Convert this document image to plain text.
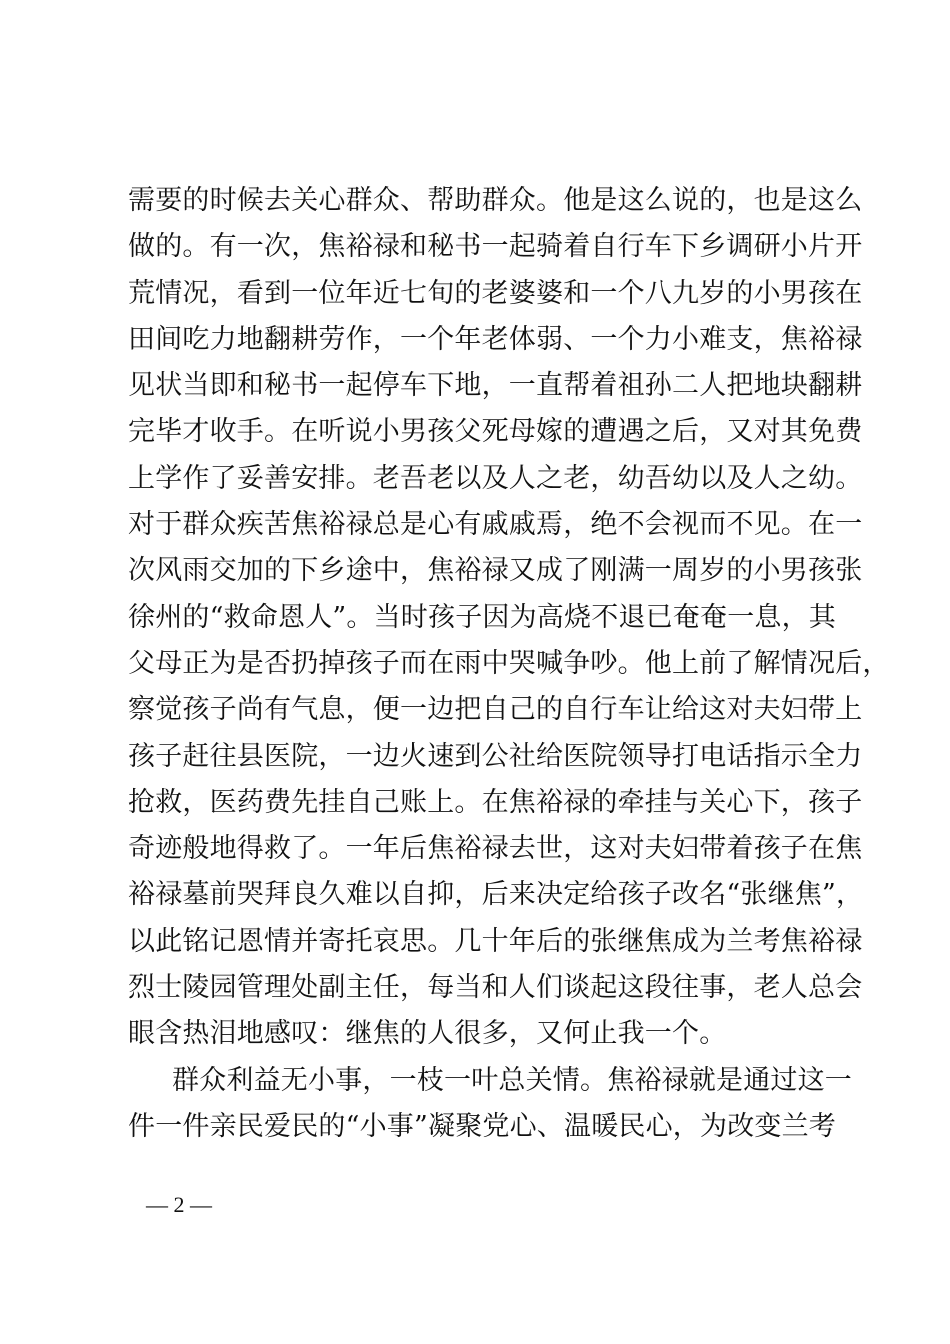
需要的时候去关心群众、帮助群众。他是这么说的，也是这么
做的。有一次，焦裕禄和秘书一起骑着自行车下乡调研小片开
荒情况，看到一位年近七旬的老婆婆和一个八九岁的小男孩在
田间吃力地翻耕劳作，一个年老体弱、一个力小难支，焦裕禄
见状当即和秘书一起停车下地，一直帮着祖孙二人把地块翻耕
完毕才收手。在听说小男孩父死母嫁的遭遇之后，又对其免费
上学作了妥善安排。老吾老以及人之老，幼吾幼以及人之幼。
对于群众疾苦焦裕禄总是心有戚戚焉，绝不会视而不见。在一
次风雨交加的下乡途中，焦裕禄又成了刚满一周岁的小男孩张
徐州的“救命恩人”。当时孩子因为高烧不退已奄奄一息，其
父母正为是否扔掉孩子而在雨中哭喊争吵。他上前了解情况后，
察觉孩子尚有气息，便一边把自己的自行车让给这对夫妇带上
孩子赶往县医院，一边火速到公社给医院领导打电话指示全力
抢救，医药费先挂自己账上。在焦裕禄的牵挂与关心下，孩子
奇迹般地得救了。一年后焦裕禄去世，这对夫妇带着孩子在焦
裕禄墓前哭拜良久难以自抑，后来决定给孩子改名“张继焦”，
以此铭记恩情并寄托哀思。几十年后的张继焦成为兰考焦裕禄
烈士陵园管理处副主任，每当和人们谈起这段往事，老人总会
眼含热泪地感叹：继焦的人很多，又何止我一个。
群众利益无小事，一枝一叶总关情。焦裕禄就是通过这一
件一件亲民爱民的“小事”凝聚党心、温暖民心，为改变兰考
— 2 —
